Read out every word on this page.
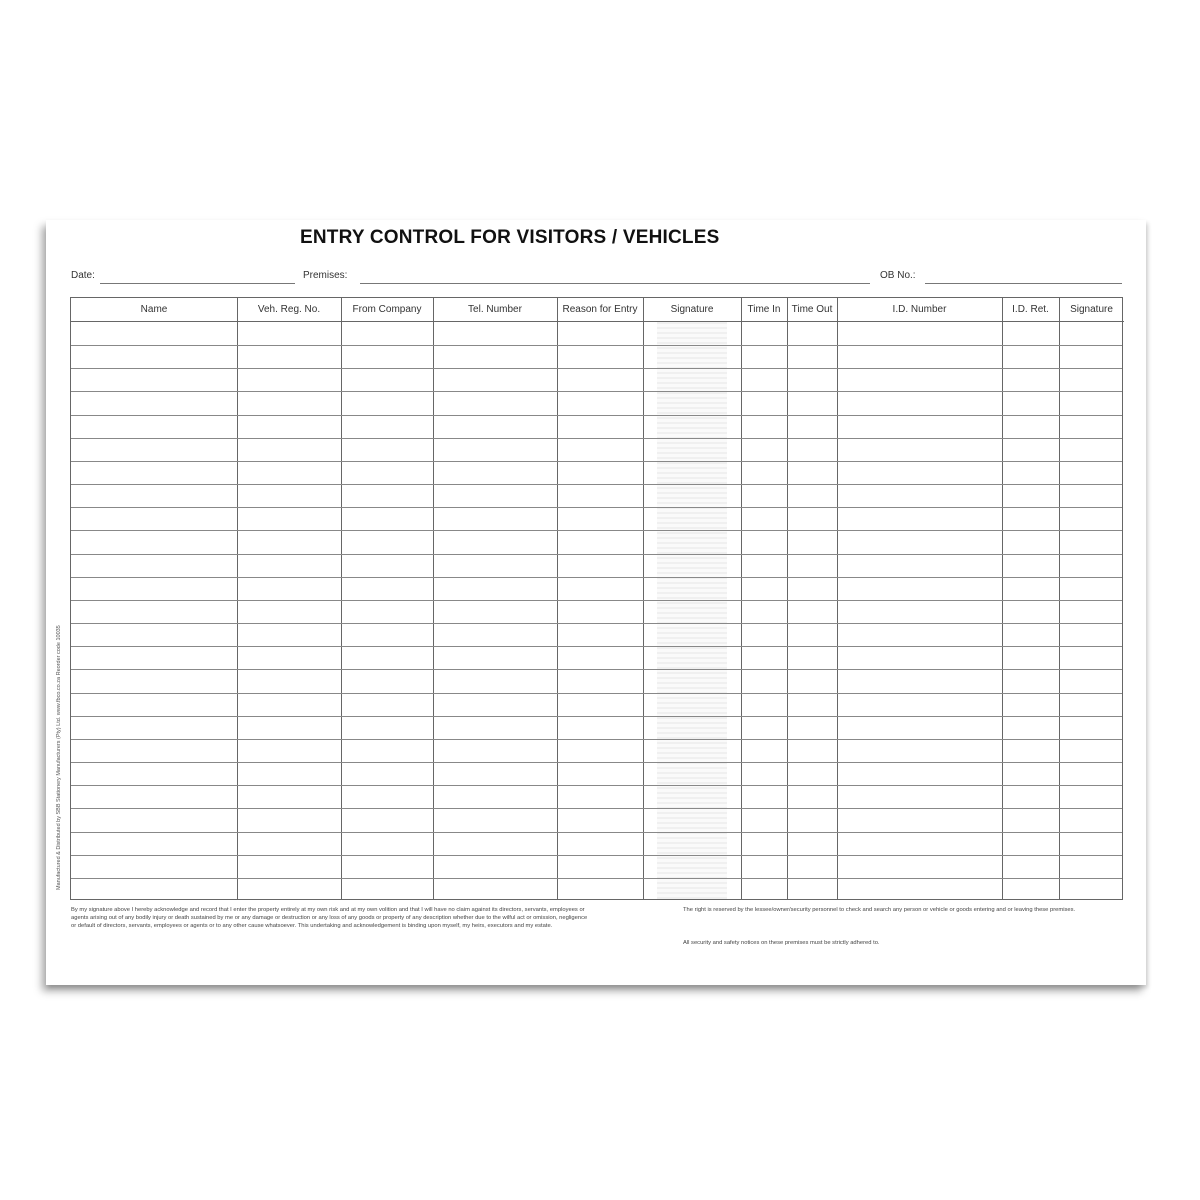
Manufactured & Distributed by SBB Stationery Manufacturers (Pty) Ltd. www.fbco.co.za Reorder code 10035
ENTRY CONTROL FOR VISITORS / VEHICLES
Date:	Premises:	OB No.:
Name	Veh. Reg. No.	From Company	Tel. Number	Reason for Entry	Signature	Time In	Time Out	I.D. Number	I.D. Ret.	Signature
By my signature above I hereby acknowledge and record that I enter the property entirely at my own risk and at my own volition and that I will have no claim against its directors, servants, employees or agents arising out of any bodily injury or death sustained by me or any damage or destruction or any loss of any goods or property of any description whether due to the wilful act or omission, negligence or default of directors, servants, employees or agents or to any other cause whatsoever. This undertaking and acknowledgement is binding upon myself, my heirs, executors and my estate.
The right is reserved by the lessee/owner/security personnel to check and search any person or vehicle or goods entering and or leaving these premises.
All security and safety notices on these premises must be strictly adhered to.
